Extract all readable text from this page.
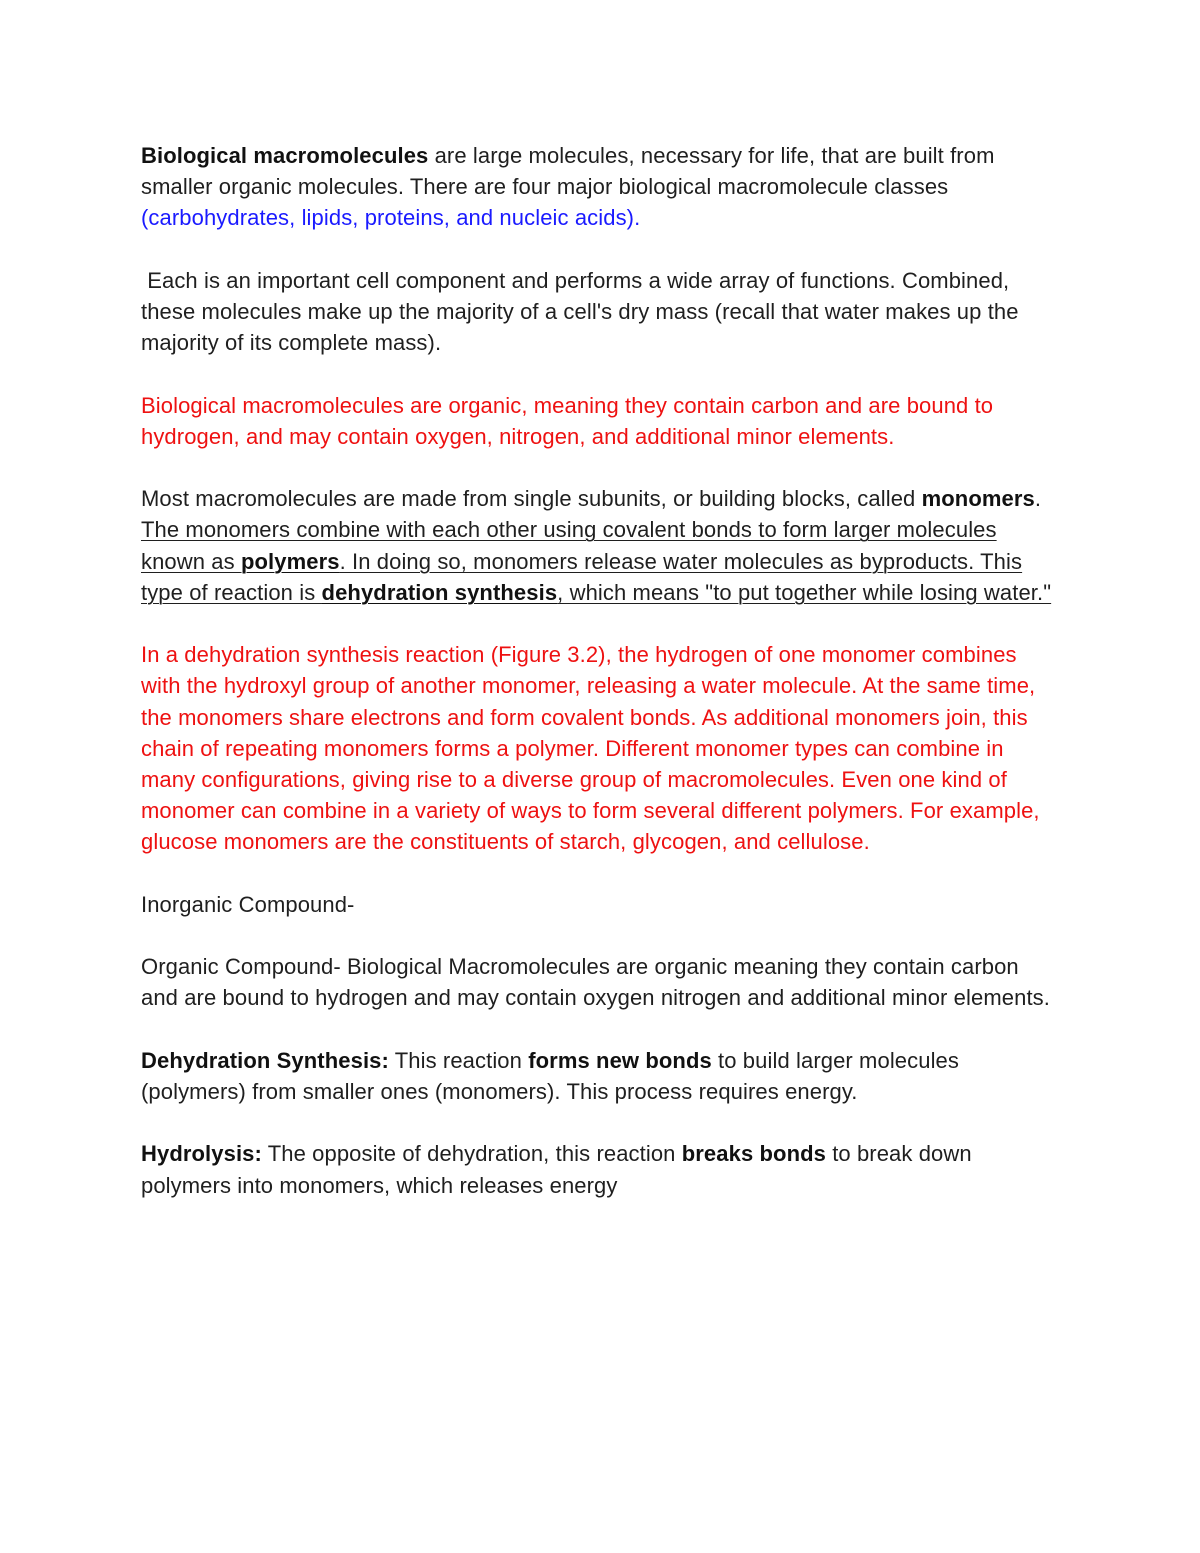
Biological macromolecules are large molecules, necessary for life, that are built from smaller organic molecules. There are four major biological macromolecule classes (carbohydrates, lipids, proteins, and nucleic acids).

Each is an important cell component and performs a wide array of functions. Combined, these molecules make up the majority of a cell's dry mass (recall that water makes up the majority of its complete mass).

Biological macromolecules are organic, meaning they contain carbon and are bound to hydrogen, and may contain oxygen, nitrogen, and additional minor elements.

Most macromolecules are made from single subunits, or building blocks, called monomers. The monomers combine with each other using covalent bonds to form larger molecules known as polymers. In doing so, monomers release water molecules as byproducts. This type of reaction is dehydration synthesis, which means "to put together while losing water."

In a dehydration synthesis reaction (Figure 3.2), the hydrogen of one monomer combines with the hydroxyl group of another monomer, releasing a water molecule. At the same time, the monomers share electrons and form covalent bonds. As additional monomers join, this chain of repeating monomers forms a polymer. Different monomer types can combine in many configurations, giving rise to a diverse group of macromolecules. Even one kind of monomer can combine in a variety of ways to form several different polymers. For example, glucose monomers are the constituents of starch, glycogen, and cellulose.

Inorganic Compound-

Organic Compound- Biological Macromolecules are organic meaning they contain carbon and are bound to hydrogen and may contain oxygen nitrogen and additional minor elements.

Dehydration Synthesis: This reaction forms new bonds to build larger molecules (polymers) from smaller ones (monomers). This process requires energy.

Hydrolysis: The opposite of dehydration, this reaction breaks bonds to break down polymers into monomers, which releases energy
